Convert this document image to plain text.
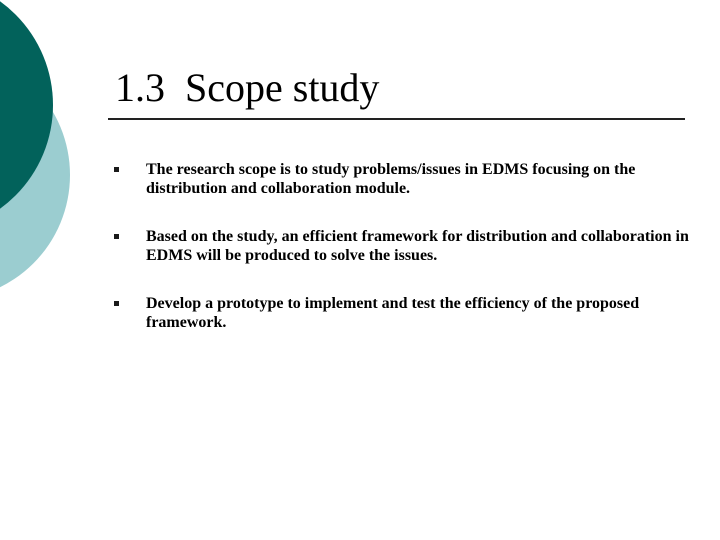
1.3  Scope study
The research scope is to study problems/issues in EDMS focusing on the distribution and collaboration module.
Based on the study, an efficient framework for distribution and collaboration in EDMS will be produced to solve the issues.
Develop a prototype to implement and test the efficiency of the proposed framework.
